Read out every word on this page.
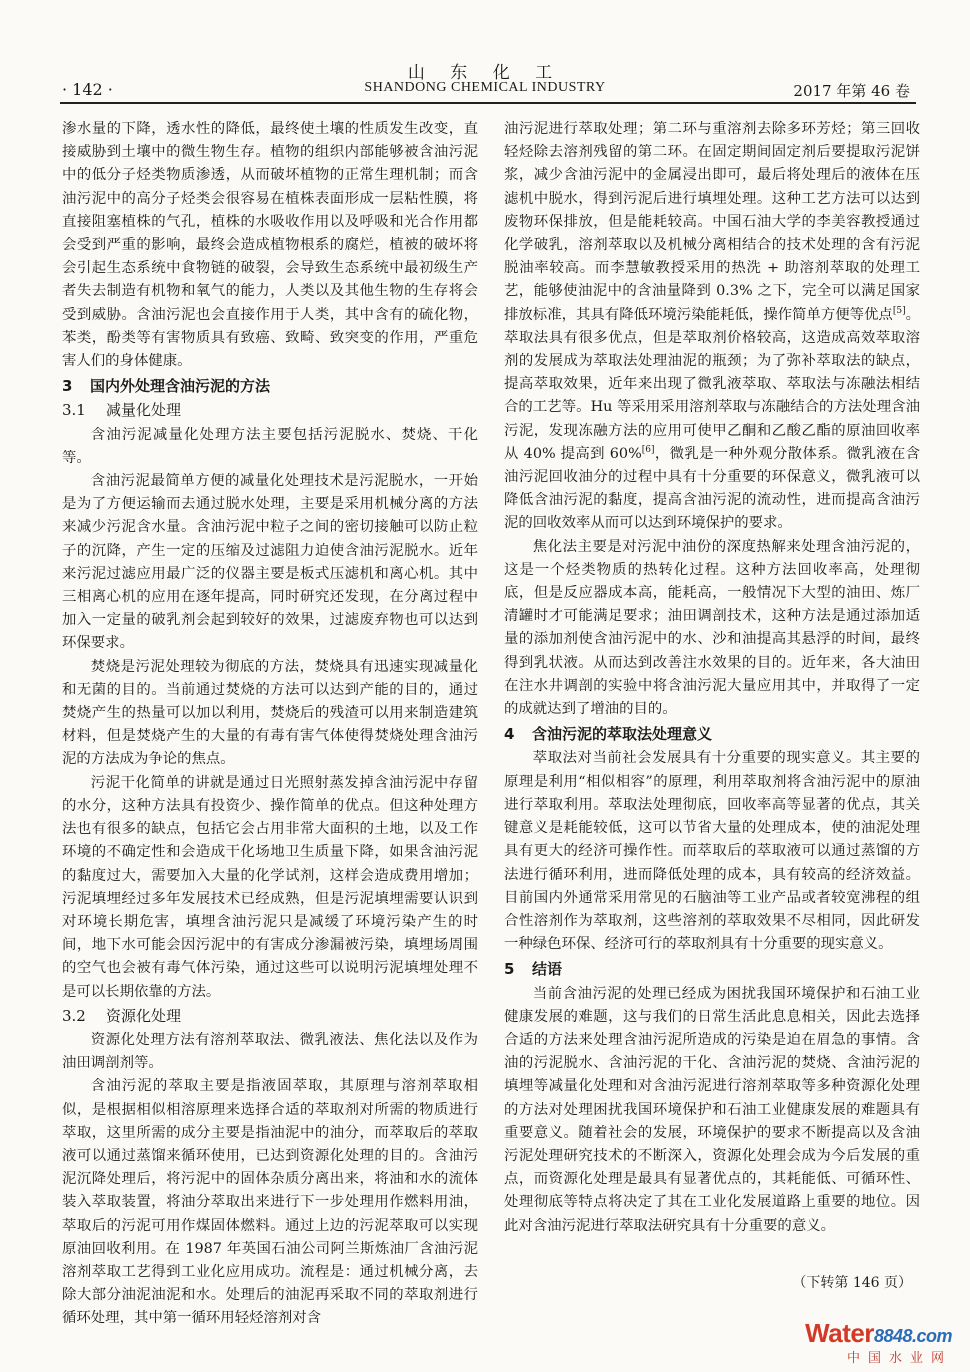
· 142 ·
山 东 化 工
SHANDONG CHEMICAL INDUSTRY	2017 年第 46 卷

渗水量的下降，透水性的降低，最终使土壤的性质发生改变，直接威胁到土壤中的微生物生存。植物的组织内部能够被含油污泥中的低分子烃类物质渗透，从而破坏植物的正常生理机制；而含油污泥中的高分子烃类会很容易在植株表面形成一层粘性膜，将直接阻塞植株的气孔，植株的水吸收作用以及呼吸和光合作用都会受到严重的影响，最终会造成植物根系的腐烂，植被的破坏将会引起生态系统中食物链的破裂，会导致生态系统中最初级生产者失去制造有机物和氧气的能力，人类以及其他生物的生存将会受到威胁。含油污泥也会直接作用于人类，其中含有的硫化物，苯类，酚类等有害物质具有致癌、致畸、致突变的作用，严重危害人们的身体健康。

3 国内外处理含油污泥的方法
3.1 减量化处理

含油污泥减量化处理方法主要包括污泥脱水、焚烧、干化等。

含油污泥最简单方便的减量化处理技术是污泥脱水，一开始是为了方便运输而去通过脱水处理，主要是采用机械分离的方法来减少污泥含水量。含油污泥中粒子之间的密切接触可以防止粒子的沉降，产生一定的压缩及过滤阻力迫使含油污泥脱水。近年来污泥过滤应用最广泛的仪器主要是板式压滤机和离心机。其中三相离心机的应用在逐年提高，同时研究还发现，在分离过程中加入一定量的破乳剂会起到较好的效果，过滤废弃物也可以达到环保要求。

焚烧是污泥处理较为彻底的方法，焚烧具有迅速实现减量化和无菌的目的。当前通过焚烧的方法可以达到产能的目的，通过焚烧产生的热量可以加以利用，焚烧后的残渣可以用来制造建筑材料，但是焚烧产生的大量的有毒有害气体使得焚烧处理含油污泥的方法成为争论的焦点。

污泥干化简单的讲就是通过日光照射蒸发掉含油污泥中存留的水分，这种方法具有投资少、操作简单的优点。但这种处理方法也有很多的缺点，包括它会占用非常大面积的土地，以及工作环境的不确定性和会造成干化场地卫生质量下降，如果含油污泥的黏度过大，需要加入大量的化学试剂，这样会造成费用增加；污泥填埋经过多年发展技术已经成熟，但是污泥填埋需要认识到对环境长期危害，填埋含油污泥只是减缓了环境污染产生的时间，地下水可能会因污泥中的有害成分渗漏被污染，填埋场周围的空气也会被有毒气体污染，通过这些可以说明污泥填埋处理不是可以长期依靠的方法。

3.2 资源化处理

资源化处理方法有溶剂萃取法、微乳液法、焦化法以及作为油田调剖剂等。

含油污泥的萃取主要是指液固萃取，其原理与溶剂萃取相似，是根据相似相溶原理来选择合适的萃取剂对所需的物质进行萃取，这里所需的成分主要是指油泥中的油分，而萃取后的萃取液可以通过蒸馏来循环使用，已达到资源化处理的目的。含油污泥沉降处理后，将污泥中的固体杂质分离出来，将油和水的流体装入萃取装置，将油分萃取出来进行下一步处理用作燃料用油，萃取后的污泥可用作煤固体燃料。通过上边的污泥萃取可以实现原油回收利用。在 1987 年英国石油公司阿兰斯炼油厂含油污泥溶剂萃取工艺得到工业化应用成功。流程是：通过机械分离，去除大部分油泥油泥和水。处理后的油泥再采取不同的萃取剂进行循环处理，其中第一循环用轻烃溶剂对含

油污泥进行萃取处理；第二环与重溶剂去除多环芳烃；第三回收轻烃除去溶剂残留的第二环。在固定期间固定剂后要提取污泥饼浆，减少含油污泥中的金属浸出即可，最后将处理后的液体在压滤机中脱水，得到污泥后进行填埋处理。这种工艺方法可以达到废物环保排放，但是能耗较高。中国石油大学的李美容教授通过化学破乳，溶剂萃取以及机械分离相结合的技术处理的含有污泥脱油率较高。而李慧敏教授采用的热洗 + 助溶剂萃取的处理工艺，能够使油泥中的含油量降到 0.3% 之下，完全可以满足国家排放标准，其具有降低环境污染能耗低，操作简单方便等优点[5]。萃取法具有很多优点，但是萃取剂价格较高，这造成高效萃取溶剂的发展成为萃取法处理油泥的瓶颈；为了弥补萃取法的缺点，提高萃取效果，近年来出现了微乳液萃取、萃取法与冻融法相结合的工艺等。Hu 等采用采用溶剂萃取与冻融结合的方法处理含油污泥，发现冻融方法的应用可使甲乙酮和乙酸乙酯的原油回收率从 40% 提高到 60%[6]，微乳是一种外观分散体系。微乳液在含油污泥回收油分的过程中具有十分重要的环保意义，微乳液可以降低含油污泥的黏度，提高含油污泥的流动性，进而提高含油污泥的回收效率从而可以达到环境保护的要求。

焦化法主要是对污泥中油份的深度热解来处理含油污泥的，这是一个烃类物质的热转化过程。这种方法回收率高，处理彻底，但是反应器成本高，能耗高，一般情况下大型的油田、炼厂清罐时才可能满足要求；油田调剖技术，这种方法是通过添加适量的添加剂使含油污泥中的水、沙和油提高其悬浮的时间，最终得到乳状液。从而达到改善注水效果的目的。近年来，各大油田在注水井调剖的实验中将含油污泥大量应用其中，并取得了一定的成就达到了增油的目的。

4 含油污泥的萃取法处理意义

萃取法对当前社会发展具有十分重要的现实意义。其主要的原理是利用“相似相容”的原理，利用萃取剂将含油污泥中的原油进行萃取利用。萃取法处理彻底，回收率高等显著的优点，其关键意义是耗能较低，这可以节省大量的处理成本，使的油泥处理具有更大的经济可操作性。而萃取后的萃取液可以通过蒸馏的方法进行循环利用，进而降低处理的成本，具有较高的经济效益。目前国内外通常采用常见的石脑油等工业产品或者较宽沸程的组合性溶剂作为萃取剂，这些溶剂的萃取效果不尽相同，因此研发一种绿色环保、经济可行的萃取剂具有十分重要的现实意义。

5 结语

当前含油污泥的处理已经成为困扰我国环境保护和石油工业健康发展的难题，这与我们的日常生活此息息相关，因此去选择合适的方法来处理含油污泥所造成的污染是迫在眉急的事情。含油的污泥脱水、含油污泥的干化、含油污泥的焚烧、含油污泥的填埋等减量化处理和对含油污泥进行溶剂萃取等多种资源化处理的方法对处理困扰我国环境保护和石油工业健康发展的难题具有重要意义。随着社会的发展，环境保护的要求不断提高以及含油污泥处理研究技术的不断深入，资源化处理会成为今后发展的重点，而资源化处理是最具有显著优点的，其耗能低、可循环性、处理彻底等特点将决定了其在工业化发展道路上重要的地位。因此对含油污泥进行萃取法研究具有十分重要的意义。

（下转第 146 页）
Water8848.com
中国水业网
